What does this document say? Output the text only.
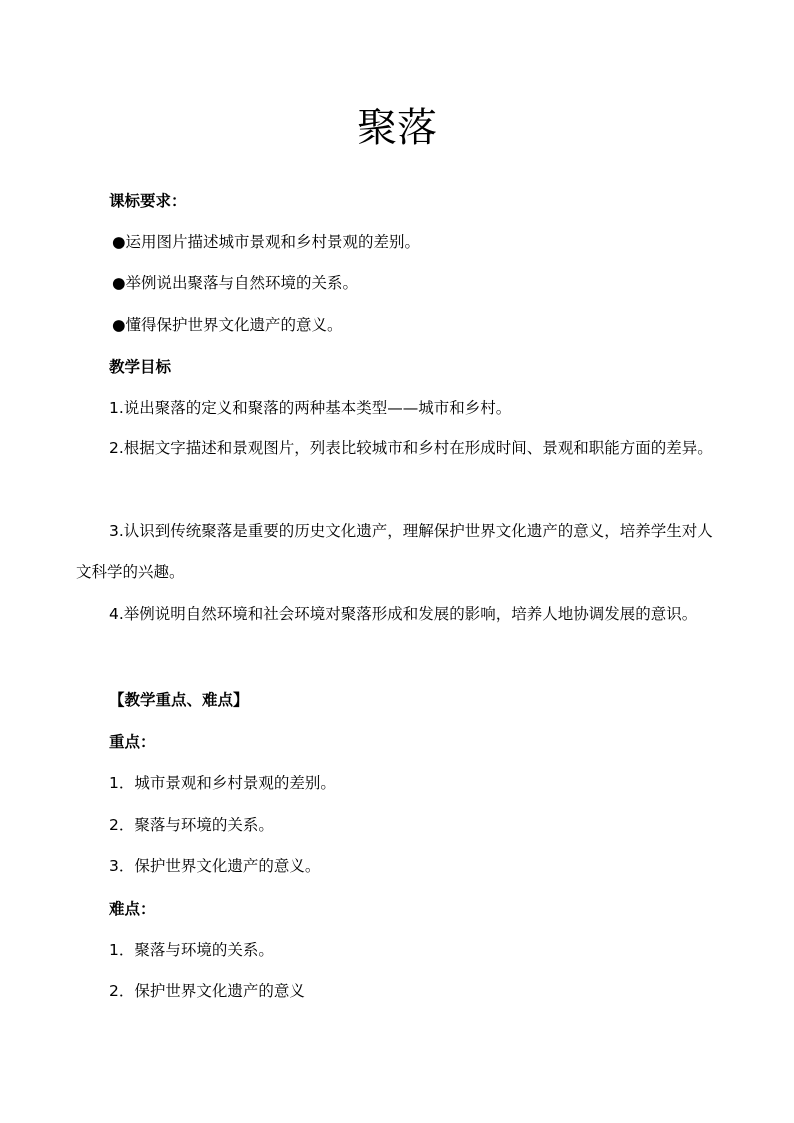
聚落

课标要求：

●运用图片描述城市景观和乡村景观的差别。

●举例说出聚落与自然环境的关系。

●懂得保护世界文化遗产的意义。

教学目标

1.说出聚落的定义和聚落的两种基本类型——城市和乡村。

2.根据文字描述和景观图片，列表比较城市和乡村在形成时间、景观和职能方面的差异。

3.认识到传统聚落是重要的历史文化遗产，理解保护世界文化遗产的意义，培养学生对人文科学的兴趣。

4.举例说明自然环境和社会环境对聚落形成和发展的影响，培养人地协调发展的意识。

【教学重点、难点】

重点：

1．城市景观和乡村景观的差别。

2．聚落与环境的关系。

3．保护世界文化遗产的意义。

难点：

1．聚落与环境的关系。

2．保护世界文化遗产的意义
